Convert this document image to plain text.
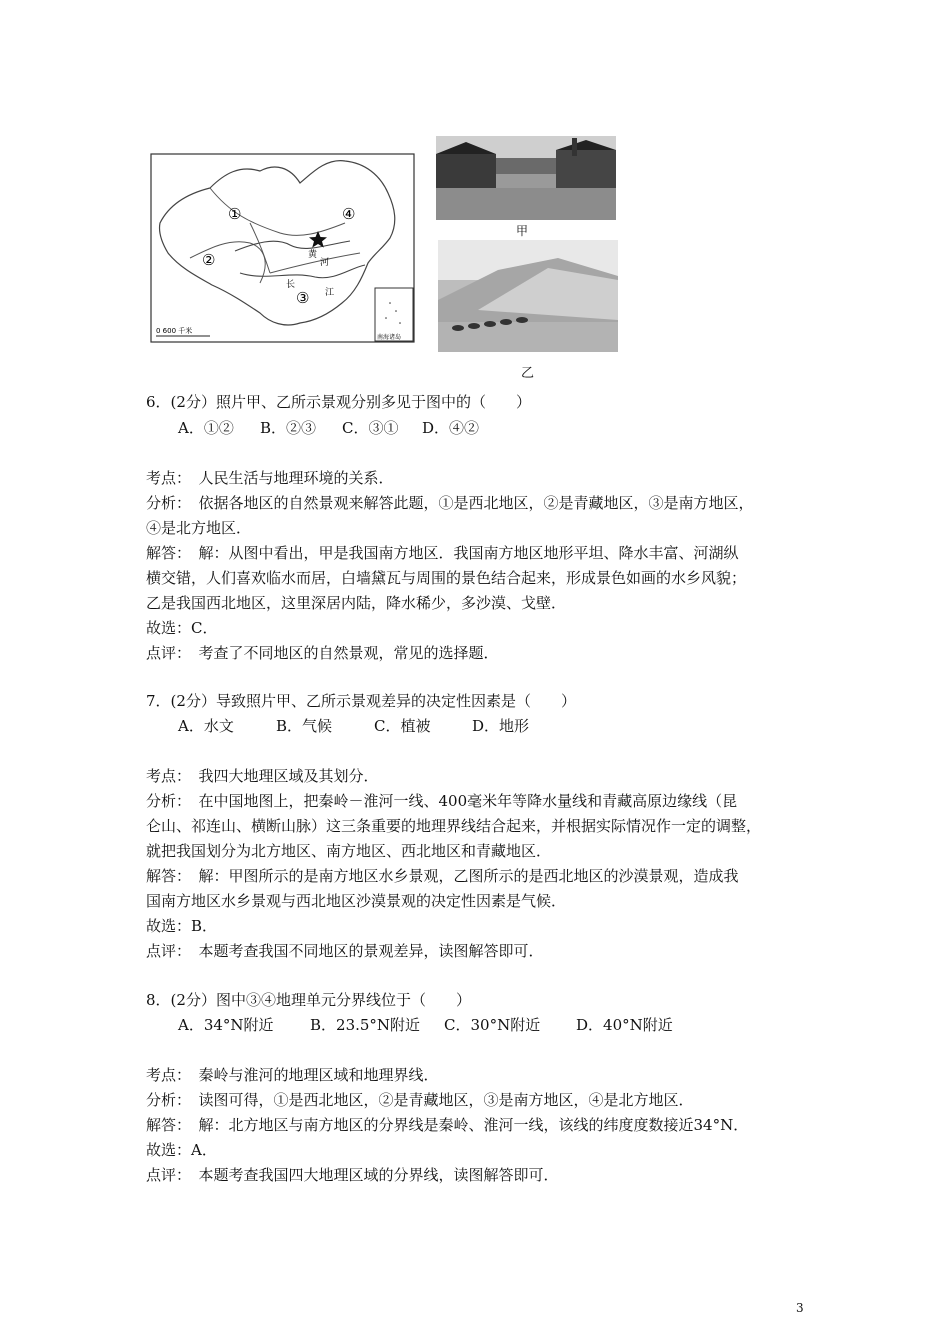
①
②
③
④
黄
河
长
江
0 600 千米
南海诸岛
甲
乙
6．(2分）照片甲、乙所示景观分别多见于图中的（　　）
A．①② B．②③ C．③① D．④②
考点：　人民生活与地理环境的关系．
分析：　依据各地区的自然景观来解答此题，①是西北地区，②是青藏地区，③是南方地区，
④是北方地区．
解答：　解：从图中看出，甲是我国南方地区．我国南方地区地形平坦、降水丰富、河湖纵
横交错，人们喜欢临水而居，白墙黛瓦与周围的景色结合起来，形成景色如画的水乡风貌；
乙是我国西北地区，这里深居内陆，降水稀少，多沙漠、戈壁．
故选：C．
点评：　考查了不同地区的自然景观，常见的选择题．
7．(2分）导致照片甲、乙所示景观差异的决定性因素是（　　）
A．水文	B．气候	C．植被	D．地形
考点：　我四大地理区域及其划分．
分析：　在中国地图上，把秦岭－淮河一线、400毫米年等降水量线和青藏高原边缘线（昆
仑山、祁连山、横断山脉）这三条重要的地理界线结合起来，并根据实际情况作一定的调整，
就把我国划分为北方地区、南方地区、西北地区和青藏地区．
解答：　解：甲图所示的是南方地区水乡景观，乙图所示的是西北地区的沙漠景观，造成我
国南方地区水乡景观与西北地区沙漠景观的决定性因素是气候．
故选：B．
点评：　本题考查我国不同地区的景观差异，读图解答即可．
8．(2分）图中③④地理单元分界线位于（　　）
A．34°N附近 B．23.5°N附近 C．30°N附近 D．40°N附近
考点：　秦岭与淮河的地理区域和地理界线．
分析：　读图可得，①是西北地区，②是青藏地区，③是南方地区，④是北方地区．
解答：　解：北方地区与南方地区的分界线是秦岭、淮河一线，该线的纬度度数接近34°N．
故选：A．
点评：　本题考查我国四大地理区域的分界线，读图解答即可．
3
